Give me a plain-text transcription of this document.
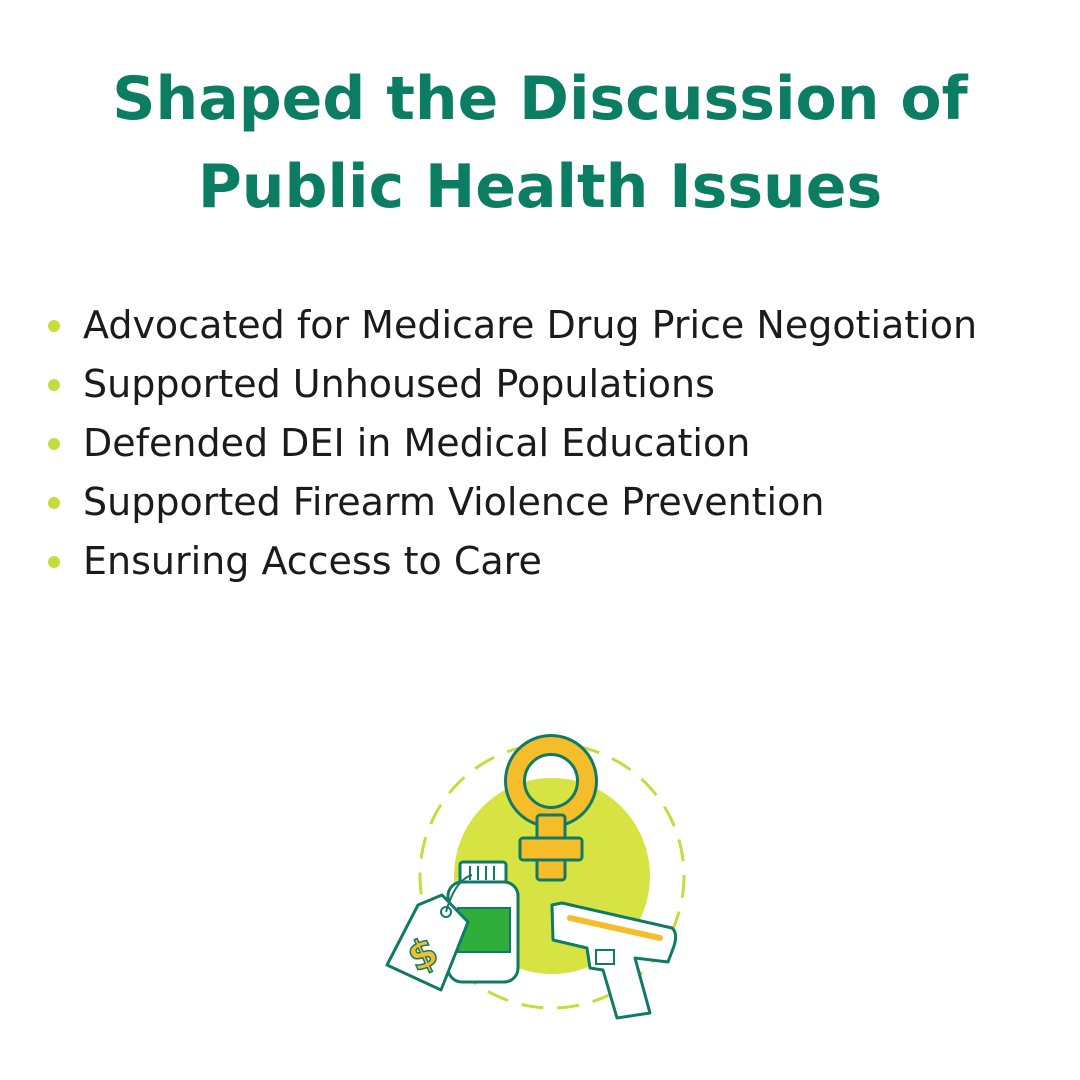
Shaped the Discussion of
Public Health Issues
Advocated for Medicare Drug Price Negotiation
Supported Unhoused Populations
Defended DEI in Medical Education
Supported Firearm Violence Prevention
Ensuring Access to Care
$
